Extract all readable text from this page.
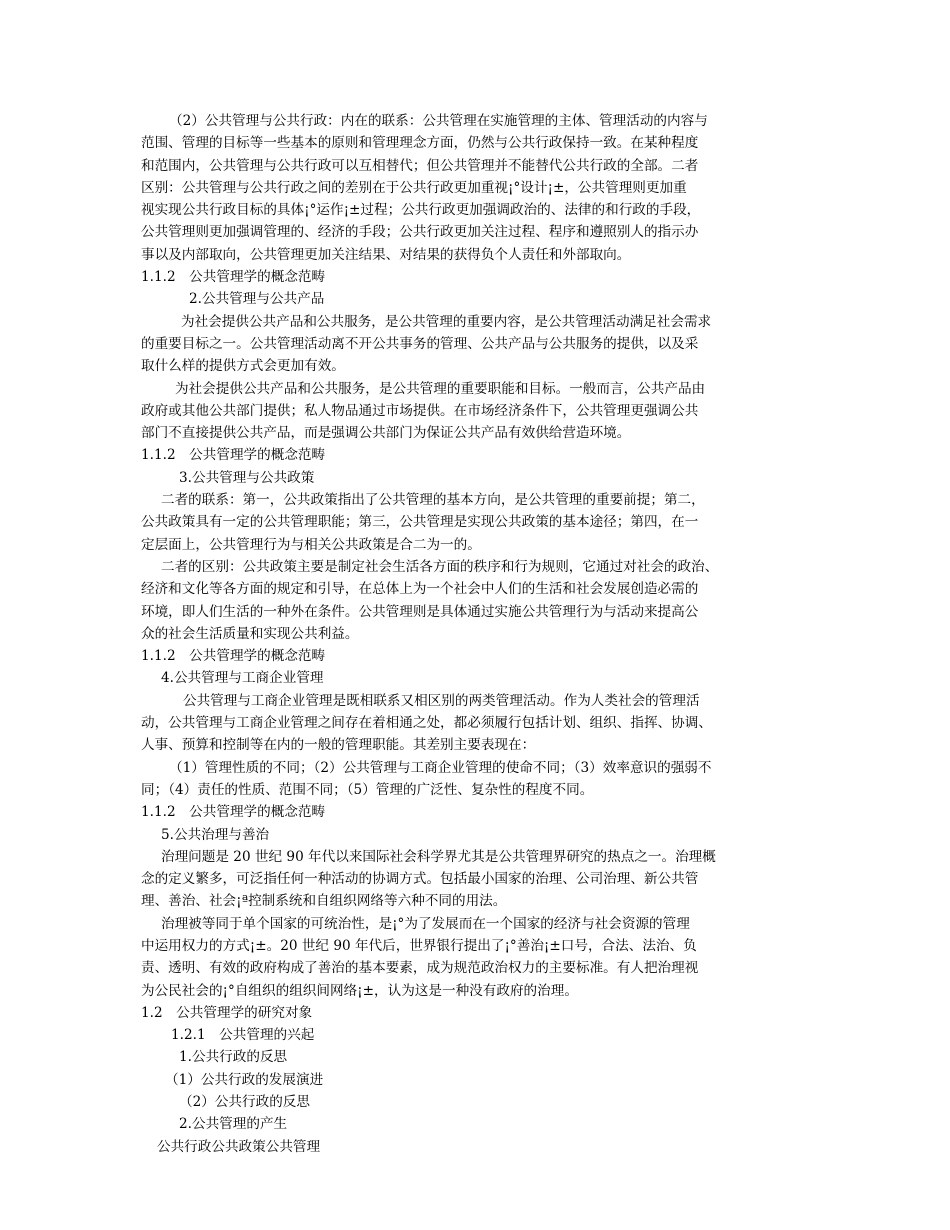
（2）公共管理与公共行政：内在的联系：公共管理在实施管理的主体、管理活动的内容与
范围、管理的目标等一些基本的原则和管理理念方面，仍然与公共行政保持一致。在某种程度
和范围内，公共管理与公共行政可以互相替代；但公共管理并不能替代公共行政的全部。二者
区别：公共管理与公共行政之间的差别在于公共行政更加重视¡°设计¡±，公共管理则更加重
视实现公共行政目标的具体¡°运作¡±过程；公共行政更加强调政治的、法律的和行政的手段，
公共管理则更加强调管理的、经济的手段；公共行政更加关注过程、程序和遵照别人的指示办
事以及内部取向，公共管理更加关注结果、对结果的获得负个人责任和外部取向。
1.1.2　公共管理学的概念范畴
2.公共管理与公共产品
为社会提供公共产品和公共服务，是公共管理的重要内容，是公共管理活动满足社会需求
的重要目标之一。公共管理活动离不开公共事务的管理、公共产品与公共服务的提供，以及采
取什么样的提供方式会更加有效。
为社会提供公共产品和公共服务，是公共管理的重要职能和目标。一般而言，公共产品由
政府或其他公共部门提供；私人物品通过市场提供。在市场经济条件下，公共管理更强调公共
部门不直接提供公共产品，而是强调公共部门为保证公共产品有效供给营造环境。
1.1.2　公共管理学的概念范畴
3.公共管理与公共政策
二者的联系：第一，公共政策指出了公共管理的基本方向，是公共管理的重要前提；第二，
公共政策具有一定的公共管理职能；第三，公共管理是实现公共政策的基本途径；第四，在一
定层面上，公共管理行为与相关公共政策是合二为一的。
二者的区别：公共政策主要是制定社会生活各方面的秩序和行为规则，它通过对社会的政治、
经济和文化等各方面的规定和引导，在总体上为一个社会中人们的生活和社会发展创造必需的
环境，即人们生活的一种外在条件。公共管理则是具体通过实施公共管理行为与活动来提高公
众的社会生活质量和实现公共利益。
1.1.2　公共管理学的概念范畴
4.公共管理与工商企业管理
公共管理与工商企业管理是既相联系又相区别的两类管理活动。作为人类社会的管理活
动，公共管理与工商企业管理之间存在着相通之处，都必须履行包括计划、组织、指挥、协调、
人事、预算和控制等在内的一般的管理职能。其差别主要表现在：
（1）管理性质的不同；（2）公共管理与工商企业管理的使命不同；（3）效率意识的强弱不
同；（4）责任的性质、范围不同；（5）管理的广泛性、复杂性的程度不同。
1.1.2　公共管理学的概念范畴
5.公共治理与善治
治理问题是 20 世纪 90 年代以来国际社会科学界尤其是公共管理界研究的热点之一。治理概
念的定义繁多，可泛指任何一种活动的协调方式。包括最小国家的治理、公司治理、新公共管
理、善治、社会¡ª控制系统和自组织网络等六种不同的用法。
治理被等同于单个国家的可统治性，是¡°为了发展而在一个国家的经济与社会资源的管理
中运用权力的方式¡±。20 世纪 90 年代后，世界银行提出了¡°善治¡±口号，合法、法治、负
责、透明、有效的政府构成了善治的基本要素，成为规范政治权力的主要标准。有人把治理视
为公民社会的¡°自组织的组织间网络¡±，认为这是一种没有政府的治理。
1.2　公共管理学的研究对象
1.2.1　公共管理的兴起
1.公共行政的反思
（1）公共行政的发展演进
（2）公共行政的反思
2.公共管理的产生
公共行政公共政策公共管理
